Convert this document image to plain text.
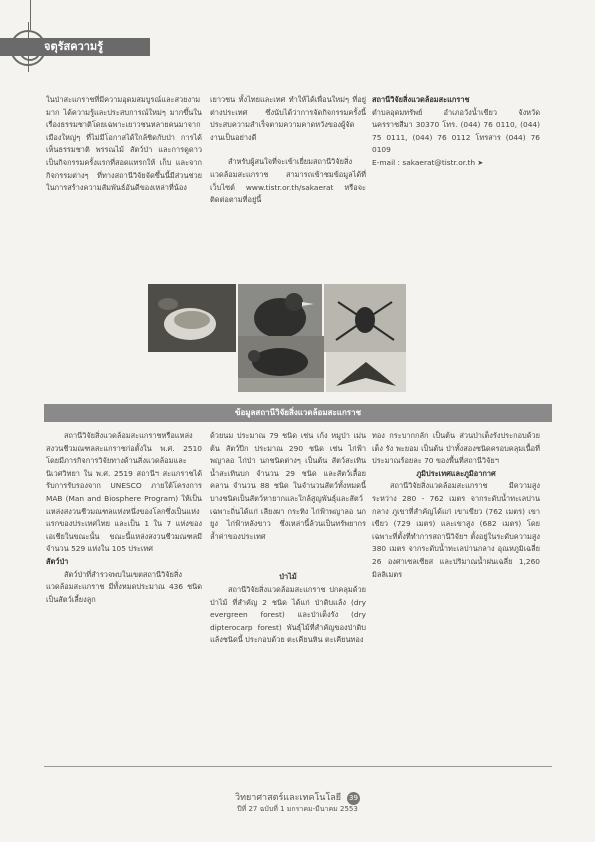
จตุรัสความรู้

ในป่าสะแกราชที่มีความอุดมสมบูรณ์และสวยงามมาก ได้ความรู้และประสบการณ์ใหม่ๆ มากขึ้นในเรื่องธรรมชาติโดยเฉพาะเยาวชนหลายคนมาจากเมืองใหญ่ๆ ที่ไม่มีโอกาสได้ใกล้ชิดกับป่า การได้เห็นธรรมชาติ พรรณไม้ สัตว์ป่า และการดูดาว เป็นกิจกรรมครั้งแรกที่สอดแทรกให้ เก็บ และจากกิจกรรมต่างๆ ที่ทางสถานีวิจัยจัดขึ้นนี้มีส่วนช่วยในการสร้างความสัมพันธ์อันดีของเหล่าที่น้อง

เยาวชน ทั้งไทยและเทศ ทำให้ได้เพื่อนใหม่ๆ ที่อยู่ต่างประเทศ ซึ่งนับได้ว่าการจัดกิจกรรมครั้งนี้ประสบความสำเร็จตามความคาดหวังของผู้จัดงานเป็นอย่างดี

สำหรับผู้สนใจที่จะเข้าเยี่ยมสถานีวิจัยสิ่งแวดล้อมสะแกราช สามารถเข้าชมข้อมูลได้ที่เว็บไซต์ www.tistr.or.th/sakaerat หรือจะติดต่อตามที่อยู่นี้

สถานีวิจัยสิ่งแวดล้อมสะแกราช

ตำบลอุดมทรัพย์ อำเภอวังน้ำเขียว จังหวัดนครราชสีมา 30370 โทร. (044) 76 0110, (044) 75 0111, (044) 76 0112 โทรสาร (044) 76 0109

E-mail : sakaerat@tistr.or.th ➤

ข้อมูลสถานีวิจัยสิ่งแวดล้อมสะแกราช

สถานีวิจัยสิ่งแวดล้อมสะแกราชหรือแหล่งสงวนชีวมณฑลสะแกราชก่อตั้งใน พ.ศ. 2510 โดยมีภารกิจการวิจัยทางด้านสิ่งแวดล้อมและนิเวศวิทยา ใน พ.ศ. 2519 สถานีฯ สะแกราชได้รับการรับรองจาก UNESCO ภายใต้โครงการ MAB (Man and Biosphere Program) ให้เป็นแหล่งสงวนชีวมณฑลแห่งหนึ่งของโลกซึ่งเป็นแห่งแรกของประเทศไทย และเป็น 1 ใน 7 แห่งของเอเชียในขณะนั้น ขณะนี้แหล่งสงวนชีวมณฑลมีจำนวน 529 แห่งใน 105 ประเทศ

สัตว์ป่า

สัตว์ป่าที่สำรวจพบในเขตสถานีวิจัยสิ่งแวดล้อมสะแกราช มีทั้งหมดประมาณ 436 ชนิด เป็นสัตว์เลี้ยงลูก

ด้วยนม ประมาณ 79 ชนิด เช่น เก้ง หมูป่า เม่นต้น สัตว์ปีก ประมาณ 290 ชนิด เช่น ไก่ฟ้าพญาลอ ไก่ป่า นกชนิดต่างๆ เป็นต้น สัตว์สะเทินน้ำสะเทินบก จำนวน 29 ชนิด และสัตว์เลื้อยคลาน จำนวน 88 ชนิด ในจำนวนสัตว์ทั้งหมดนี้ บางชนิดเป็นสัตว์หายากและใกล้สูญพันธุ์และสัตว์เฉพาะถิ่นได้แก่ เลียงผา กระทิง ไก่ฟ้าพญาลอ นกยูง ไก่ฟ้าหลังขาว ซึ่งเหล่านี้ล้วนเป็นทรัพยากรล้ำค่าของประเทศ

ป่าไม้

สถานีวิจัยสิ่งแวดล้อมสะแกราช ปกคลุมด้วยป่าไม้ ที่สำคัญ 2 ชนิด ได้แก่ ป่าดิบแล้ง (dry evergreen forest) และป่าเต็งรัง (dry dipterocarp forest) พันธุ์ไม้ที่สำคัญของป่าดิบแล้งชนิดนี้ ประกอบด้วย ตะเคียนหิน ตะเคียนทอง

ทอง กระบากกลัก เป็นต้น ส่วนป่าเต็งรังประกอบด้วยเต็ง รัง พะยอม เป็นต้น ป่าทั้งสองชนิดครอบคลุมเนื้อที่ประมาณร้อยละ 70 ของพื้นที่สถานีวิจัยฯ

ภูมิประเทศและภูมิอากาศ

สถานีวิจัยสิ่งแวดล้อมสะแกราช มีความสูงระหว่าง 280 - 762 เมตร จากระดับน้ำทะเลปานกลาง ภูเขาที่สำคัญได้แก่ เขาเขียว (762 เมตร) เขาเขียว (729 เมตร) และเขาสูง (682 เมตร) โดยเฉพาะที่ตั้งที่ทำการสถานีวิจัยฯ ตั้งอยู่ในระดับความสูง 380 เมตร จากระดับน้ำทะเลปานกลาง อุณหภูมิเฉลี่ย 26 องศาเซลเซียส และปริมาณน้ำฝนเฉลี่ย 1,260 มิลลิเมตร

วิทยาศาสตร์และเทคโนโลยี 39
ปีที่ 27 ฉบับที่ 1 มกราคม-มีนาคม 2553
